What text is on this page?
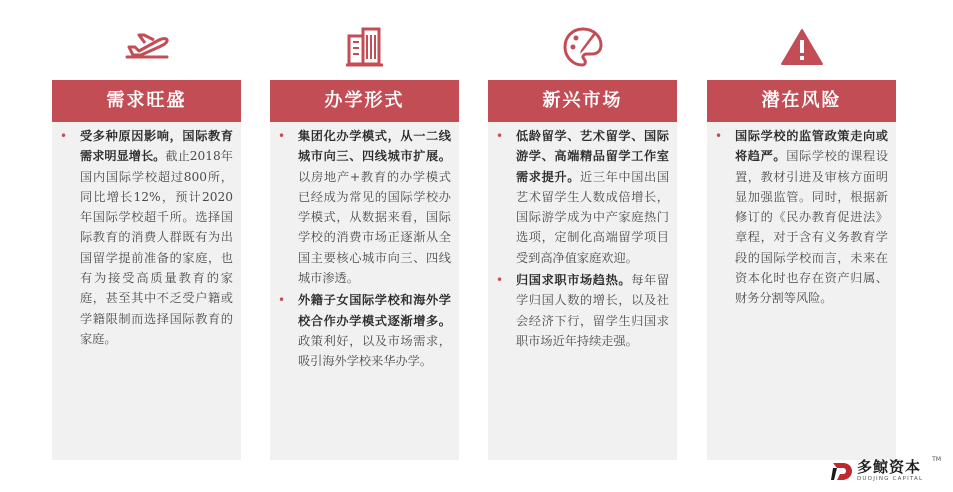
需求旺盛
• 受多种原因影响，国际教育需求明显增长。截止2018年国内国际学校超过800所，同比增长12%，预计2020年国际学校超千所。选择国际教育的消费人群既有为出国留学提前准备的家庭，也有为接受高质量教育的家庭，甚至其中不乏受户籍或学籍限制而选择国际教育的家庭。
办学形式
• 集团化办学模式，从一二线城市向三、四线城市扩展。以房地产+教育的办学模式已经成为常见的国际学校办学模式，从数据来看，国际学校的消费市场正逐渐从全国主要核心城市向三、四线城市渗透。
• 外籍子女国际学校和海外学校合作办学模式逐渐增多。政策利好，以及市场需求，吸引海外学校来华办学。
新兴市场
• 低龄留学、艺术留学、国际游学、高端精品留学工作室需求提升。近三年中国出国艺术留学生人数成倍增长，国际游学成为中产家庭热门选项，定制化高端留学项目受到高净值家庭欢迎。
• 归国求职市场趋热。每年留学归国人数的增长，以及社会经济下行，留学生归国求职市场近年持续走强。
潜在风险
• 国际学校的监管政策走向或将趋严。国际学校的课程设置，教材引进及审核方面明显加强监管。同时，根据新修订的《民办教育促进法》章程，对于含有义务教育学段的国际学校而言，未来在资本化时也存在资产归属、财务分割等风险。
多鲸资本
DUOJING CAPITAL
TM
